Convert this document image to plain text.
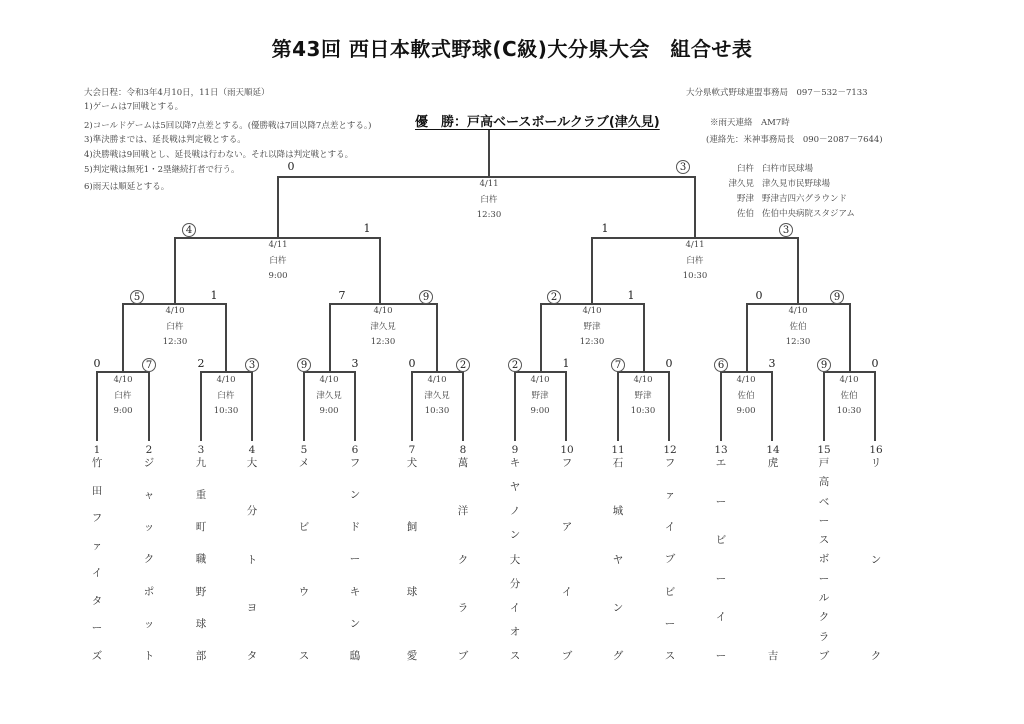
第43回 西日本軟式野球(C級)大分県大会　組合せ表
大会日程：令和3年4月10日，11日（雨天順延）
1)ゲームは7回戦とする。
2)コールドゲームは5回以降7点差とする。(優勝戦は7回以降7点差とする。)
3)準決勝までは、延長戦は判定戦とする。
4)決勝戦は9回戦とし、延長戦は行わない。それ以降は判定戦とする。
5)判定戦は無死1・2塁継続打者で行う。
6)雨天は順延とする。
大分県軟式野球連盟事務局　097－532－7133
※雨天連絡　AM7時
(連絡先：米神事務局長　090－2087－7644)
臼杵 臼杵市民球場
津久見 津久見市民野球場
野津 野津吉四六グラウンド
佐伯 佐伯中央病院スタジアム
優　勝：戸高ベースボールクラブ(津久見)
4/11
臼杵
12:30
0	3
4/11
臼杵
9:00
4	1
4/11
臼杵
10:30
1	3
4/10
臼杵
12:30
5	1
4/10
津久見
12:30
7	9
4/10
野津
12:30
2	1
4/10
佐伯
12:30
0	9
4/10
臼杵
9:00
0	7
4/10
臼杵
10:30
2	3
4/10
津久見
9:00
9	3
4/10
津久見
10:30
0	2
4/10
野津
9:00
2	1
4/10
野津
10:30
7	0
4/10
佐伯
9:00
6	3
4/10
佐伯
10:30
9	0
1
竹
田
フ
ァ
イ
タ
ー
ズ
2
ジ
ャ
ッ
ク
ポ
ッ
ト
3
九
重
町
職
野
球
部
4
大
分
ト
ヨ
タ
5
メ
ビ
ウ
ス
6
フ
ン
ド
ー
キ
ン
鴟
7
犬
飼
球
愛
8
萬
洋
ク
ラ
ブ
9
キ
ヤ
ノ
ン
大
分
イ
オ
ス
10
フ
ア
イ
ブ
11
石
城
ヤ
ン
グ
12
フ
ァ
イ
ブ
ビ
ー
ス
13
エ
ー
ビ
ー
イ
ー
14
虎
吉
15
戸
高
ベ
ー
ス
ボ
ー
ル
ク
ラ
ブ
16
リ
ン
ク
